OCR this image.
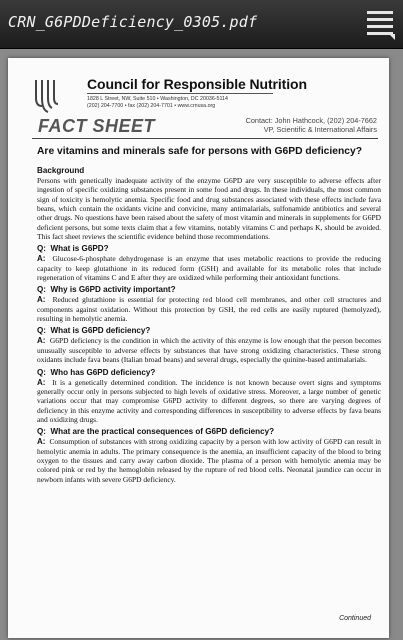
CRN_G6PDDeficiency_0305.pdf
Council for Responsible Nutrition
1828 L Street, NW, Suite 510 • Washington, DC 20036-5114
(202) 204-7700 • fax (202) 204-7701 • www.crnusa.org
FACT SHEET	Contact: John Hathcock, (202) 204-7662
VP, Scientific & International Affairs
Are vitamins and minerals safe for persons with G6PD deficiency?
Background
Persons with genetically inadequate activity of the enzyme G6PD are very susceptible to adverse effects after ingestion of specific oxidizing substances present in some food and drugs. In these individuals, the most common sign of toxicity is hemolytic anemia. Specific food and drug substances associated with these effects include fava beans, which contain the oxidants vicine and convicine, many antimalarials, sulfonamide antibiotics and several other drugs. No questions have been raised about the safety of most vitamin and minerals in supplements for G6PD deficient persons, but some texts claim that a few vitamins, notably vitamins C and perhaps K, should be avoided. This fact sheet reviews the scientific evidence behind those recommendations.
Q: What is G6PD?
A: Glucose-6-phosphate dehydrogenase is an enzyme that uses metabolic reactions to provide the reducing capacity to keep glutathione in its reduced form (GSH) and available for its metabolic roles that include regeneration of vitamins C and E after they are oxidized while performing their antioxidant functions.
Q: Why is G6PD activity important?
A: Reduced glutathione is essential for protecting red blood cell membranes, and other cell structures and components against oxidation. Without this protection by GSH, the red cells are easily ruptured (hemolyzed), resulting in hemolytic anemia.
Q: What is G6PD deficiency?
A: G6PD deficiency is the condition in which the activity of this enzyme is low enough that the person becomes unusually susceptible to adverse effects by substances that have strong oxidizing characteristics. These strong oxidants include fava beans (Italian broad beans) and several drugs, especially the quinine-based antimalarials.
Q: Who has G6PD deficiency?
A: It is a genetically determined condition. The incidence is not known because overt signs and symptoms generally occur only in persons subjected to high levels of oxidative stress. Moreover, a large number of genetic variations occur that may compromise G6PD activity to different degrees, so there are varying degrees of deficiency in this enzyme activity and corresponding differences in susceptibility to adverse effects by fava beans and oxidizing drugs.
Q: What are the practical consequences of G6PD deficiency?
A: Consumption of substances with strong oxidizing capacity by a person with low activity of G6PD can result in hemolytic anemia in adults. The primary consequence is the anemia, an insufficient capacity of the blood to bring oxygen to the tissues and carry away carbon dioxide. The plasma of a person with hemolytic anemia may be colored pink or red by the hemoglobin released by the rupture of red blood cells. Neonatal jaundice can occur in newborn infants with severe G6PD deficiency.
Continued
